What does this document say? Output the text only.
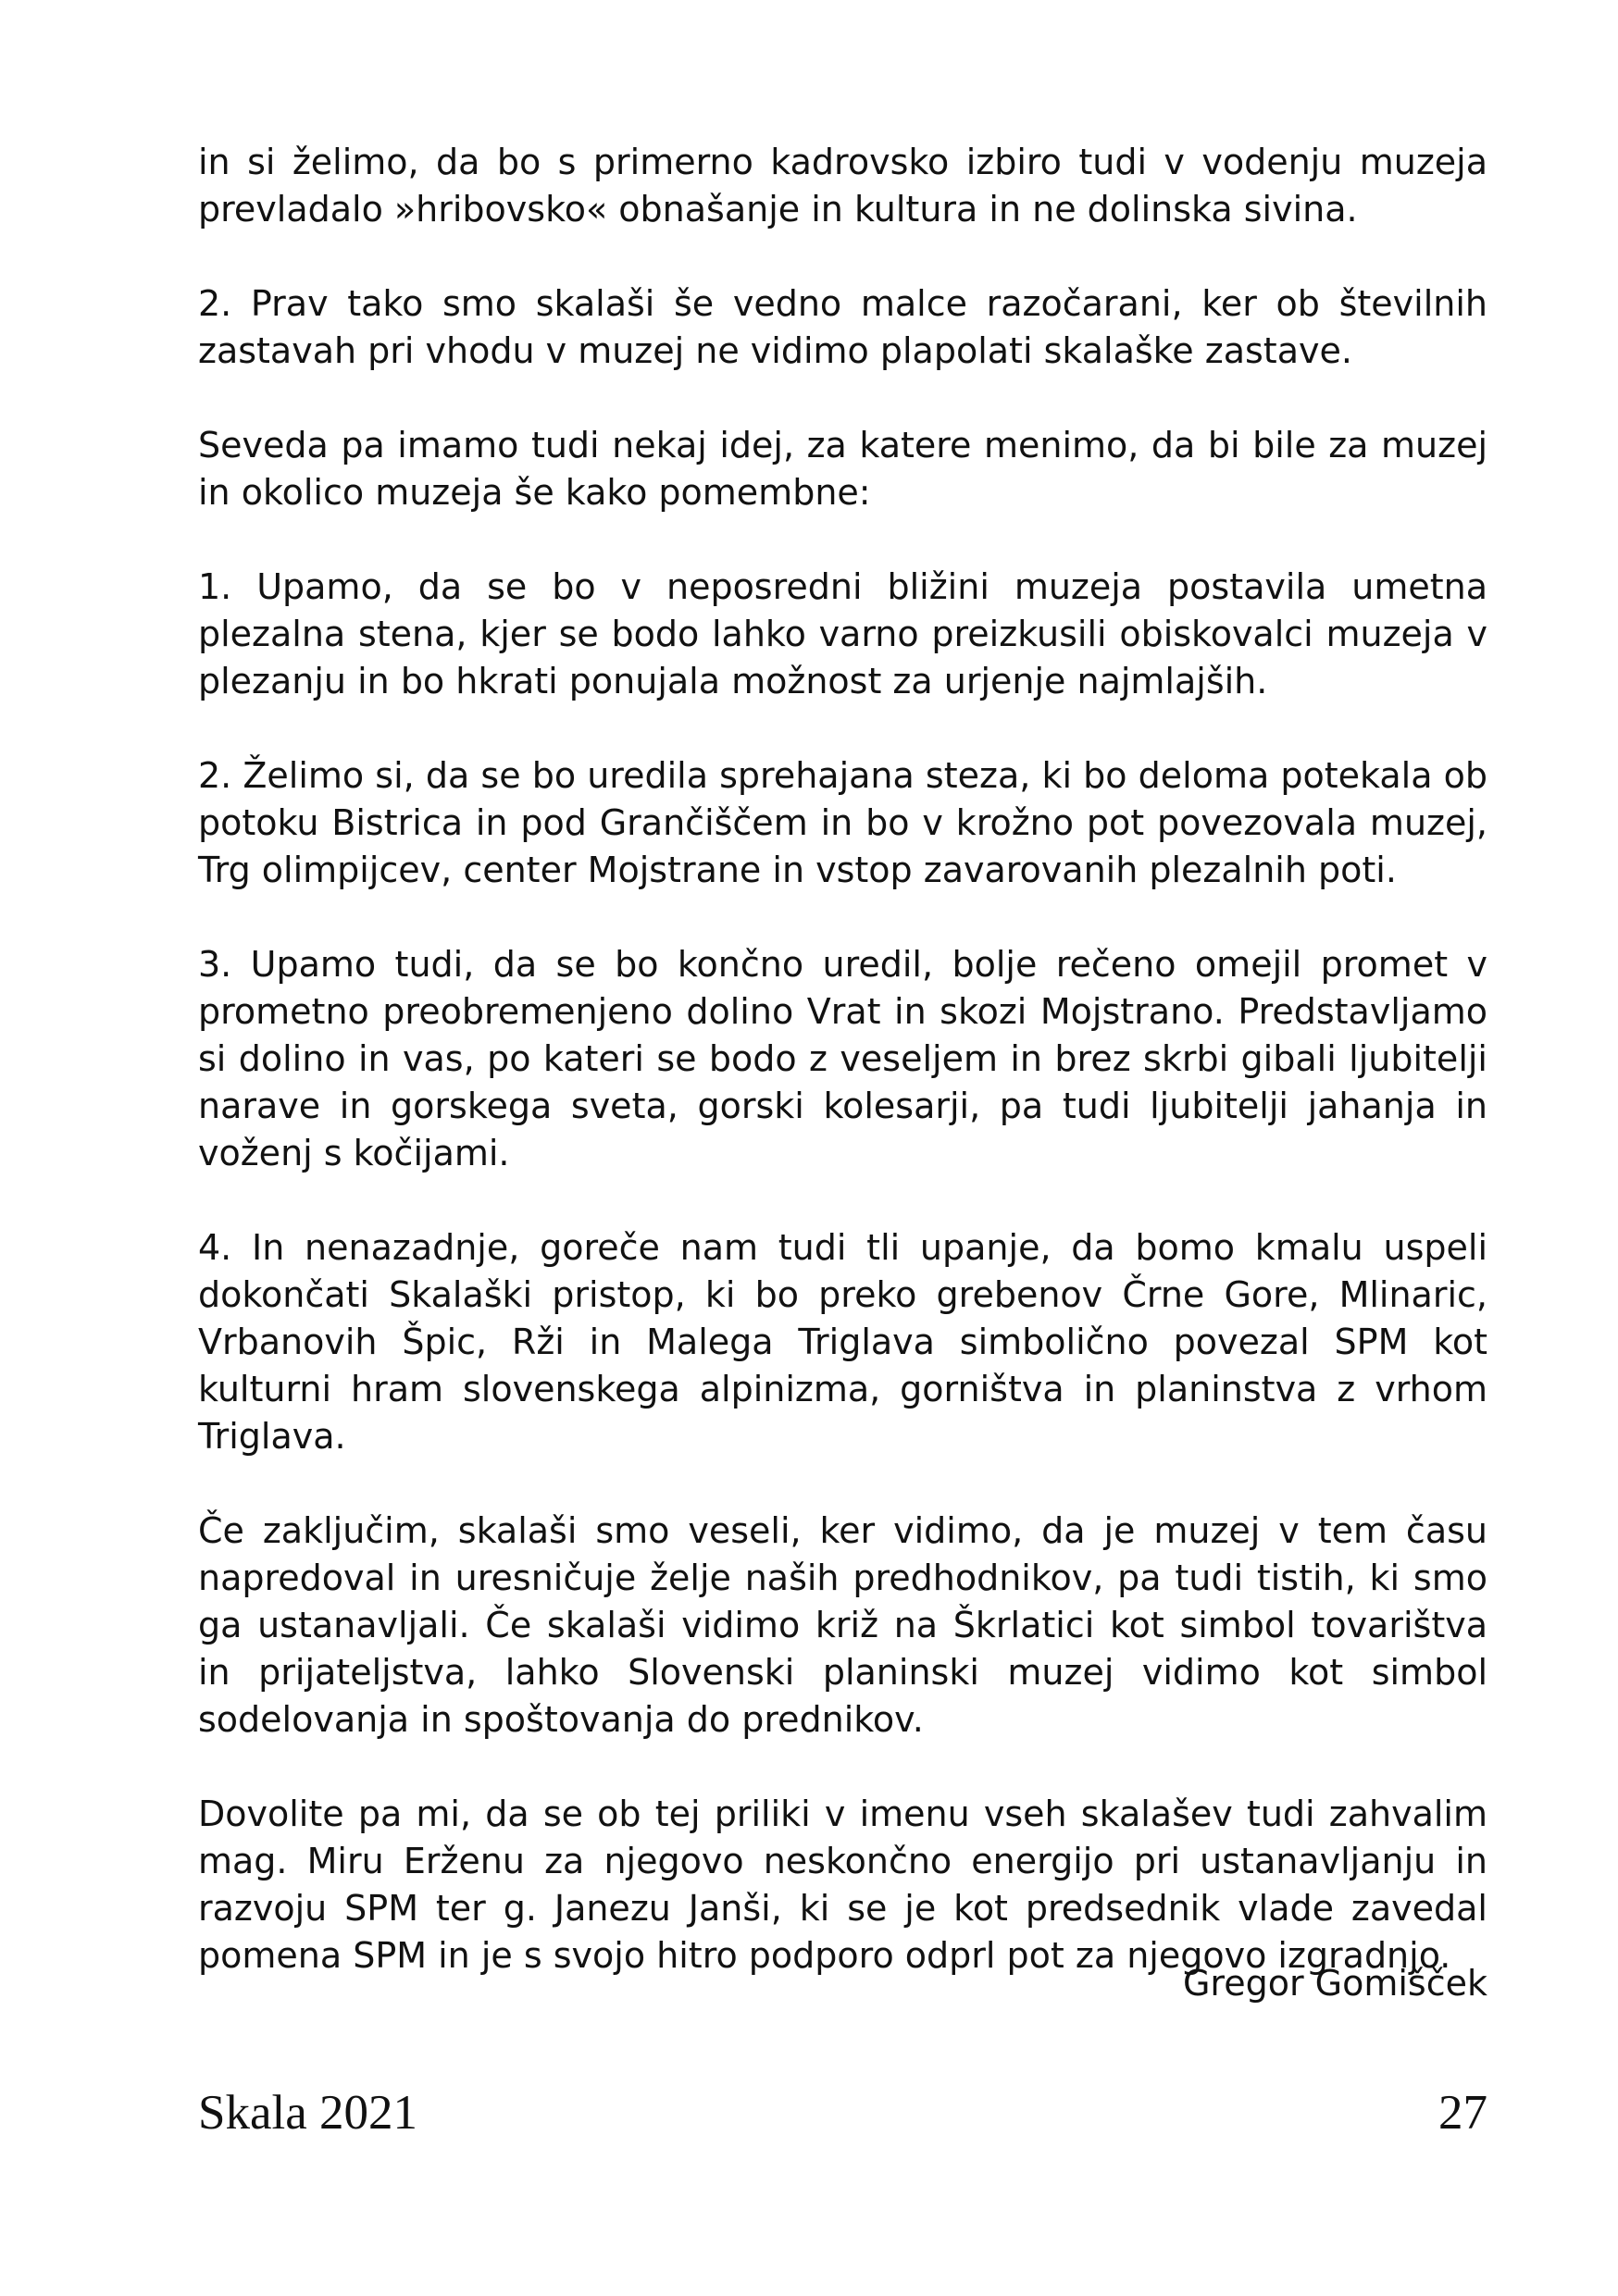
in si želimo, da bo s primerno kadrovsko izbiro tudi v vodenju muzeja prevladalo »hribovsko« obnašanje in kultura in ne dolinska sivina.

2. Prav tako smo skalaši še vedno malce razočarani, ker ob številnih zastavah pri vhodu v muzej ne vidimo plapolati skalaške zastave.

Seveda pa imamo tudi nekaj idej, za katere menimo, da bi bile za muzej in okolico muzeja še kako pomembne:

1. Upamo, da se bo v neposredni bližini muzeja postavila umetna plezalna stena, kjer se bodo lahko varno preizkusili obiskovalci muzeja v plezanju in bo hkrati ponujala možnost za urjenje najmlajših.

2. Želimo si, da se bo uredila sprehajana steza, ki bo deloma potekala ob potoku Bistrica in pod Grančiščem in bo v krožno pot povezovala muzej, Trg olimpijcev, center Mojstrane in vstop zavarovanih plezalnih poti.

3. Upamo tudi, da se bo končno uredil, bolje rečeno omejil promet v prometno preobremenjeno dolino Vrat in skozi Mojstrano. Predstavljamo si dolino in vas, po kateri se bodo z veseljem in brez skrbi gibali ljubitelji narave in gorskega sveta, gorski kolesarji, pa tudi ljubitelji jahanja in voženj s kočijami.

4. In nenazadnje, goreče nam tudi tli upanje, da bomo kmalu uspeli dokončati Skalaški pristop, ki bo preko grebenov Črne Gore, Mlinaric, Vrbanovih Špic, Rži in Malega Triglava simbolično povezal SPM kot kulturni hram slovenskega alpinizma, gorništva in planinstva z vrhom Triglava.

Če zaključim, skalaši smo veseli, ker vidimo, da je muzej v tem času napredoval in uresničuje želje naših predhodnikov, pa tudi tistih, ki smo ga ustanavljali. Če skalaši vidimo križ na Škrlatici kot simbol tovarištva in prijateljstva, lahko Slovenski planinski muzej vidimo kot simbol sodelovanja in spoštovanja do prednikov.

Dovolite pa mi, da se ob tej priliki v imenu vseh skalašev tudi zahvalim mag. Miru Erženu za njegovo neskončno energijo pri ustanavljanju in razvoju SPM ter g. Janezu Janši, ki se je kot predsednik vlade zavedal pomena SPM in je s svojo hitro podporo odprl pot za njegovo izgradnjo.

Gregor Gomišček
Skala 2021	27
